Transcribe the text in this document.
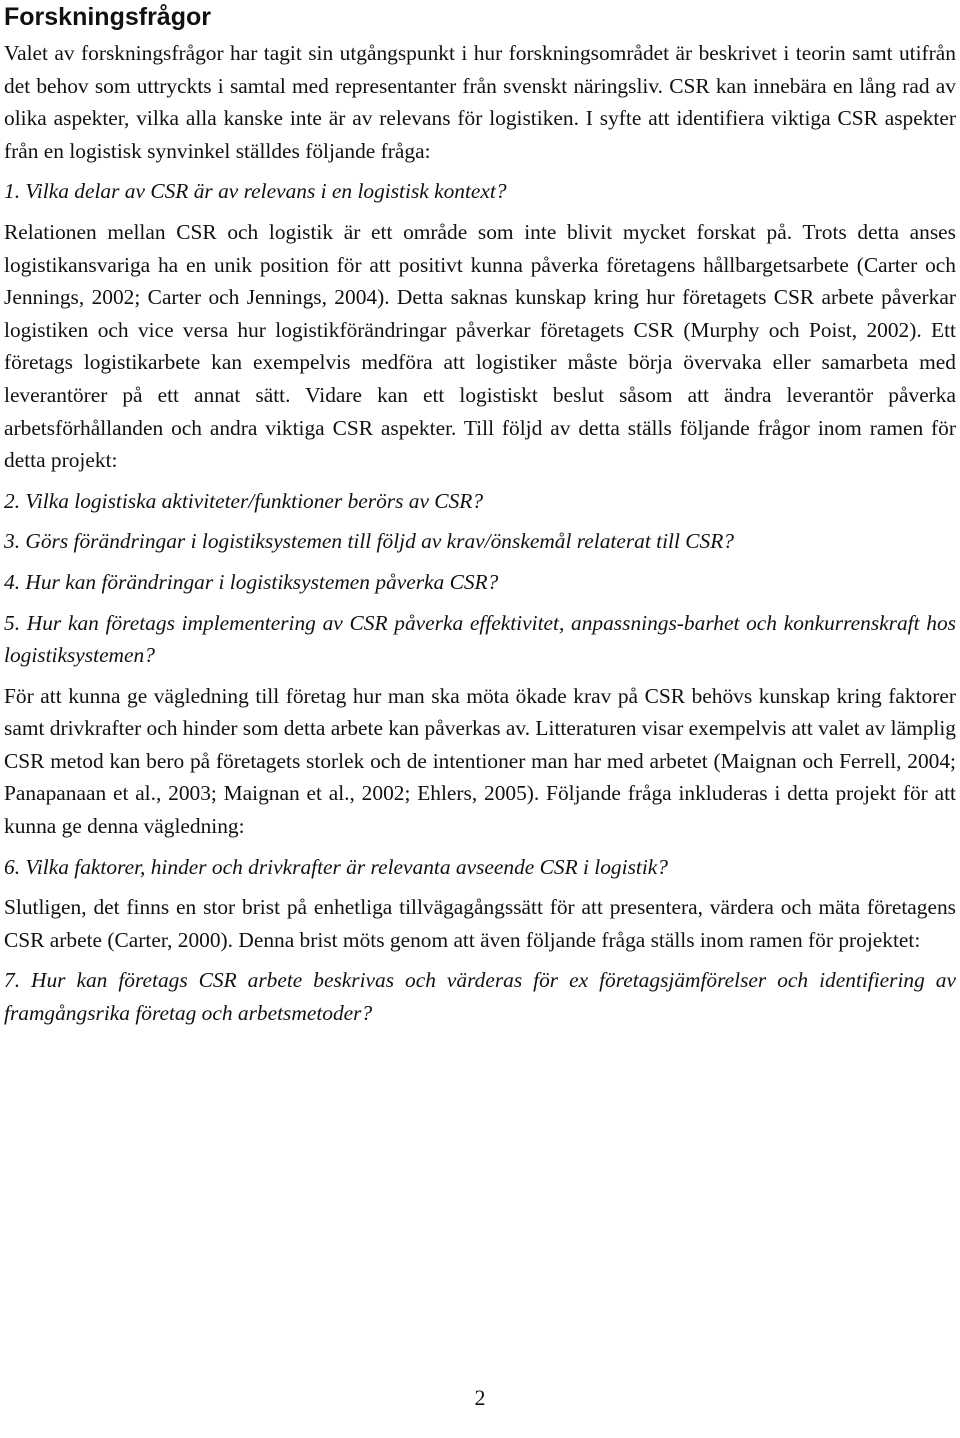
Forskningsfrågor

Valet av forskningsfrågor har tagit sin utgångspunkt i hur forskningsområdet är beskrivet i teorin samt utifrån det behov som uttryckts i samtal med representanter från svenskt näringsliv. CSR kan innebära en lång rad av olika aspekter, vilka alla kanske inte är av relevans för logistiken. I syfte att identifiera viktiga CSR aspekter från en logistisk synvinkel ställdes följande fråga:

1. Vilka delar av CSR är av relevans i en logistisk kontext?

Relationen mellan CSR och logistik är ett område som inte blivit mycket forskat på. Trots detta anses logistikansvariga ha en unik position för att positivt kunna påverka företagens hållbargetsarbete (Carter och Jennings, 2002; Carter och Jennings, 2004). Detta saknas kunskap kring hur företagets CSR arbete påverkar logistiken och vice versa hur logistikförändringar påverkar företagets CSR (Murphy och Poist, 2002). Ett företags logistikarbete kan exempelvis medföra att logistiker måste börja övervaka eller samarbeta med leverantörer på ett annat sätt. Vidare kan ett logistiskt beslut såsom att ändra leverantör påverka arbetsförhållanden och andra viktiga CSR aspekter. Till följd av detta ställs följande frågor inom ramen för detta projekt:

2. Vilka logistiska aktiviteter/funktioner berörs av CSR?

3. Görs förändringar i logistiksystemen till följd av krav/önskemål relaterat till CSR?

4. Hur kan förändringar i logistiksystemen påverka CSR?

5. Hur kan företags implementering av CSR påverka effektivitet, anpassnings-barhet och konkurrenskraft hos logistiksystemen?

För att kunna ge vägledning till företag hur man ska möta ökade krav på CSR behövs kunskap kring faktorer samt drivkrafter och hinder som detta arbete kan påverkas av. Litteraturen visar exempelvis att valet av lämplig CSR metod kan bero på företagets storlek och de intentioner man har med arbetet (Maignan och Ferrell, 2004; Panapanaan et al., 2003; Maignan et al., 2002; Ehlers, 2005). Följande fråga inkluderas i detta projekt för att kunna ge denna vägledning:

6. Vilka faktorer, hinder och drivkrafter är relevanta avseende CSR i logistik?

Slutligen, det finns en stor brist på enhetliga tillvägagångssätt för att presentera, värdera och mäta företagens CSR arbete (Carter, 2000). Denna brist möts genom att även följande fråga ställs inom ramen för projektet:

7. Hur kan företags CSR arbete beskrivas och värderas för ex företagsjämförelser och identifiering av framgångsrika företag och arbetsmetoder?

2
